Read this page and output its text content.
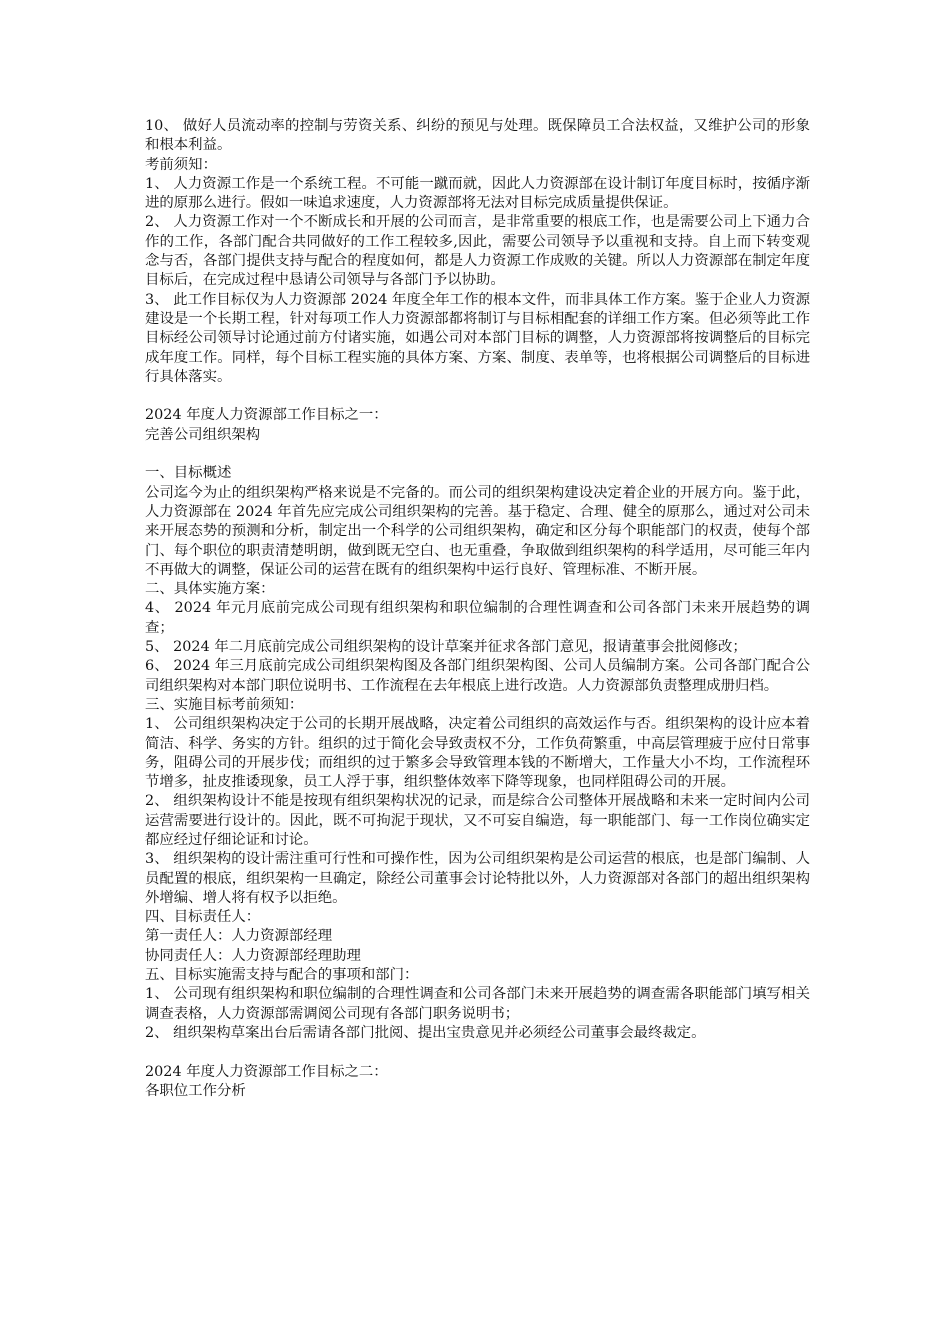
10、 做好人员流动率的控制与劳资关系、纠纷的预见与处理。既保障员工合法权益，又维护公司的形象和根本利益。
考前须知：
1、 人力资源工作是一个系统工程。不可能一蹴而就，因此人力资源部在设计制订年度目标时，按循序渐进的原那么进行。假如一味追求速度，人力资源部将无法对目标完成质量提供保证。
2、 人力资源工作对一个不断成长和开展的公司而言，是非常重要的根底工作，也是需要公司上下通力合作的工作，各部门配合共同做好的工作工程较多,因此，需要公司领导予以重视和支持。自上而下转变观念与否，各部门提供支持与配合的程度如何，都是人力资源工作成败的关键。所以人力资源部在制定年度目标后，在完成过程中恳请公司领导与各部门予以协助。
3、 此工作目标仅为人力资源部 2024 年度全年工作的根本文件，而非具体工作方案。鉴于企业人力资源建设是一个长期工程，针对每项工作人力资源部都将制订与目标相配套的详细工作方案。但必须等此工作目标经公司领导讨论通过前方付诸实施，如遇公司对本部门目标的调整，人力资源部将按调整后的目标完成年度工作。同样，每个目标工程实施的具体方案、方案、制度、表单等，也将根据公司调整后的目标进行具体落实。
2024 年度人力资源部工作目标之一：
完善公司组织架构
一、目标概述
公司迄今为止的组织架构严格来说是不完备的。而公司的组织架构建设决定着企业的开展方向。鉴于此，人力资源部在 2024 年首先应完成公司组织架构的完善。基于稳定、合理、健全的原那么，通过对公司未来开展态势的预测和分析，制定出一个科学的公司组织架构，确定和区分每个职能部门的权责，使每个部门、每个职位的职责清楚明朗，做到既无空白、也无重叠，争取做到组织架构的科学适用，尽可能三年内不再做大的调整，保证公司的运营在既有的组织架构中运行良好、管理标准、不断开展。
二、具体实施方案：
4、 2024 年元月底前完成公司现有组织架构和职位编制的合理性调查和公司各部门未来开展趋势的调查；
5、 2024 年二月底前完成公司组织架构的设计草案并征求各部门意见，报请董事会批阅修改；
6、 2024 年三月底前完成公司组织架构图及各部门组织架构图、公司人员编制方案。公司各部门配合公司组织架构对本部门职位说明书、工作流程在去年根底上进行改造。人力资源部负责整理成册归档。
三、实施目标考前须知：
1、 公司组织架构决定于公司的长期开展战略，决定着公司组织的高效运作与否。组织架构的设计应本着简洁、科学、务实的方针。组织的过于简化会导致责权不分，工作负荷繁重，中高层管理疲于应付日常事务，阻碍公司的开展步伐；而组织的过于繁多会导致管理本钱的不断增大，工作量大小不均，工作流程环节增多，扯皮推诿现象，员工人浮于事，组织整体效率下降等现象，也同样阻碍公司的开展。
2、 组织架构设计不能是按现有组织架构状况的记录，而是综合公司整体开展战略和未来一定时间内公司运营需要进行设计的。因此，既不可拘泥于现状，又不可妄自编造，每一职能部门、每一工作岗位确实定都应经过仔细论证和讨论。
3、 组织架构的设计需注重可行性和可操作性，因为公司组织架构是公司运营的根底，也是部门编制、人员配置的根底，组织架构一旦确定，除经公司董事会讨论特批以外，人力资源部对各部门的超出组织架构外增编、增人将有权予以拒绝。
四、目标责任人：
第一责任人：人力资源部经理
协同责任人：人力资源部经理助理
五、目标实施需支持与配合的事项和部门：
1、 公司现有组织架构和职位编制的合理性调查和公司各部门未来开展趋势的调查需各职能部门填写相关调查表格，人力资源部需调阅公司现有各部门职务说明书；
2、 组织架构草案出台后需请各部门批阅、提出宝贵意见并必须经公司董事会最终裁定。
2024 年度人力资源部工作目标之二：
各职位工作分析
